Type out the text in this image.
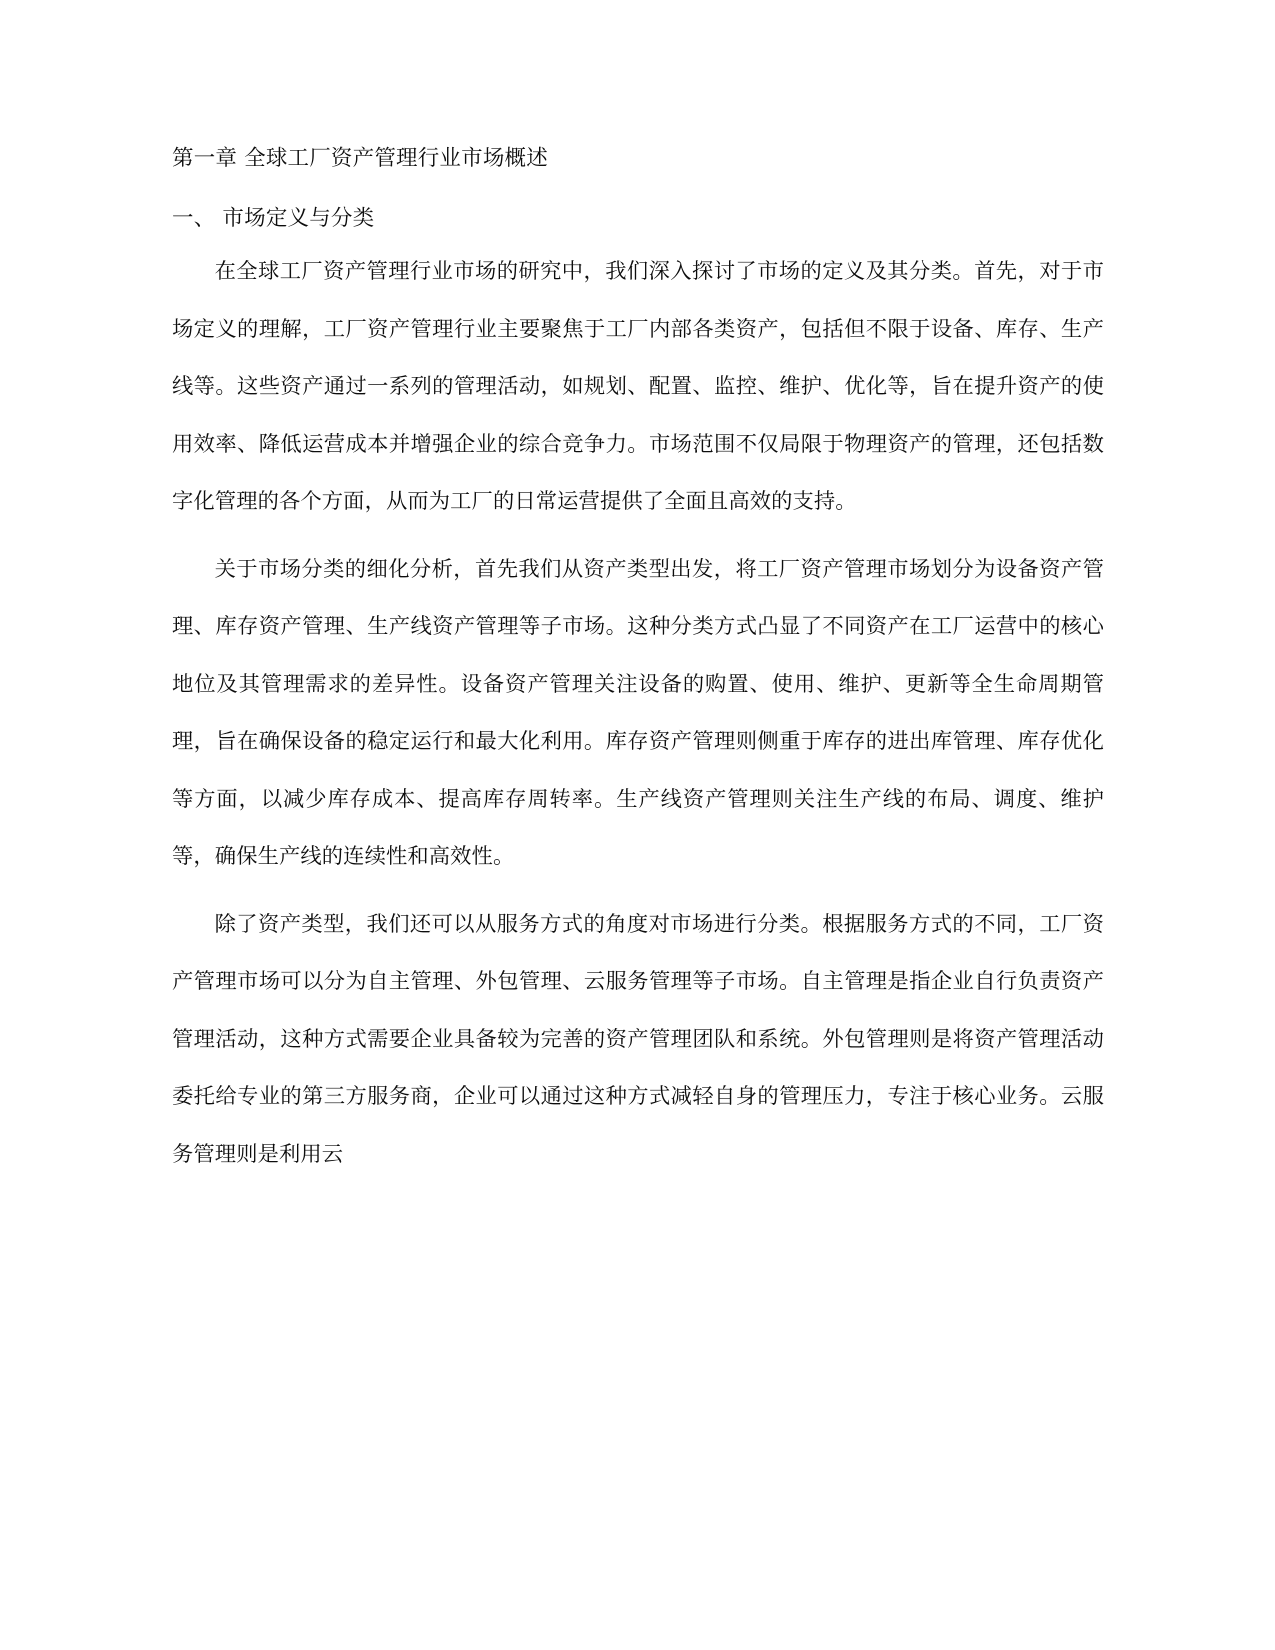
第一章 全球工厂资产管理行业市场概述
一、 市场定义与分类

在全球工厂资产管理行业市场的研究中，我们深入探讨了市场的定义及其分类。首先，对于市场定义的理解，工厂资产管理行业主要聚焦于工厂内部各类资产，包括但不限于设备、库存、生产线等。这些资产通过一系列的管理活动，如规划、配置、监控、维护、优化等，旨在提升资产的使用效率、降低运营成本并增强企业的综合竞争力。市场范围不仅局限于物理资产的管理，还包括数字化管理的各个方面，从而为工厂的日常运营提供了全面且高效的支持。

关于市场分类的细化分析，首先我们从资产类型出发，将工厂资产管理市场划分为设备资产管理、库存资产管理、生产线资产管理等子市场。这种分类方式凸显了不同资产在工厂运营中的核心地位及其管理需求的差异性。设备资产管理关注设备的购置、使用、维护、更新等全生命周期管理，旨在确保设备的稳定运行和最大化利用。库存资产管理则侧重于库存的进出库管理、库存优化等方面，以减少库存成本、提高库存周转率。生产线资产管理则关注生产线的布局、调度、维护等，确保生产线的连续性和高效性。

除了资产类型，我们还可以从服务方式的角度对市场进行分类。根据服务方式的不同，工厂资产管理市场可以分为自主管理、外包管理、云服务管理等子市场。自主管理是指企业自行负责资产管理活动，这种方式需要企业具备较为完善的资产管理团队和系统。外包管理则是将资产管理活动委托给专业的第三方服务商，企业可以通过这种方式减轻自身的管理压力，专注于核心业务。云服务管理则是利用云
